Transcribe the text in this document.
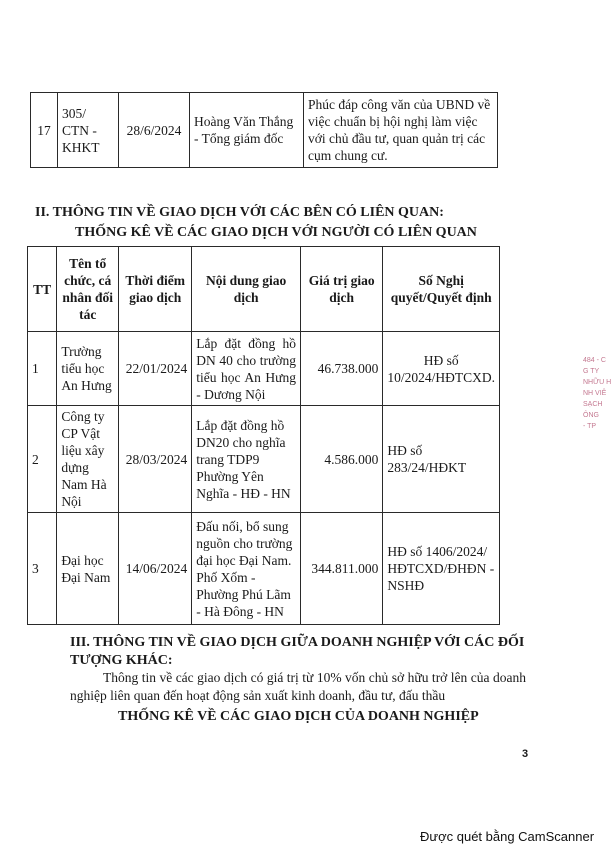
17	305/ CTN - KHKT	28/6/2024	Hoàng Văn Thắng - Tổng giám đốc	Phúc đáp công văn của UBND về việc chuẩn bị hội nghị làm việc với chủ đầu tư, quan quản trị các cụm chung cư.
II. THÔNG TIN VỀ GIAO DỊCH VỚI CÁC BÊN CÓ LIÊN QUAN:
THỐNG KÊ VỀ CÁC GIAO DỊCH VỚI NGƯỜI CÓ LIÊN QUAN
TT	Tên tổ chức, cá nhân đối tác	Thời điểm giao dịch	Nội dung giao dịch	Giá trị giao dịch	Số Nghị quyết/Quyết định
1	Trường tiểu học An Hưng	22/01/2024	Lắp đặt đồng hồ DN 40 cho trường tiểu học An Hưng - Dương Nội	46.738.000	HĐ số 10/2024/HĐTCXD.
2	Công ty CP Vật liệu xây dựng Nam Hà Nội	28/03/2024	Lắp đặt đồng hồ DN20 cho nghĩa trang TDP9 Phường Yên Nghĩa - HĐ - HN	4.586.000	HĐ số 283/24/HĐKT
3	Đại học Đại Nam	14/06/2024	Đấu nối, bổ sung nguồn cho trường đại học Đại Nam. Phố Xốm - Phường Phú Lãm - Hà Đông - HN	344.811.000	HĐ số 1406/2024/HĐTCXD/ĐHĐN - NSHĐ
484 - C
G TY
NHỮU H
NH VIÊ
SẠCH
ÔNG
- TP
III. THÔNG TIN VỀ GIAO DỊCH GIỮA DOANH NGHIỆP VỚI CÁC ĐỐI TƯỢNG KHÁC:
Thông tin về các giao dịch có giá trị từ 10% vốn chủ sở hữu trở lên của doanh nghiệp liên quan đến hoạt động sản xuất kinh doanh, đầu tư, đấu thầu
THỐNG KÊ VỀ CÁC GIAO DỊCH CỦA DOANH NGHIỆP
3
Được quét bằng CamScanner
